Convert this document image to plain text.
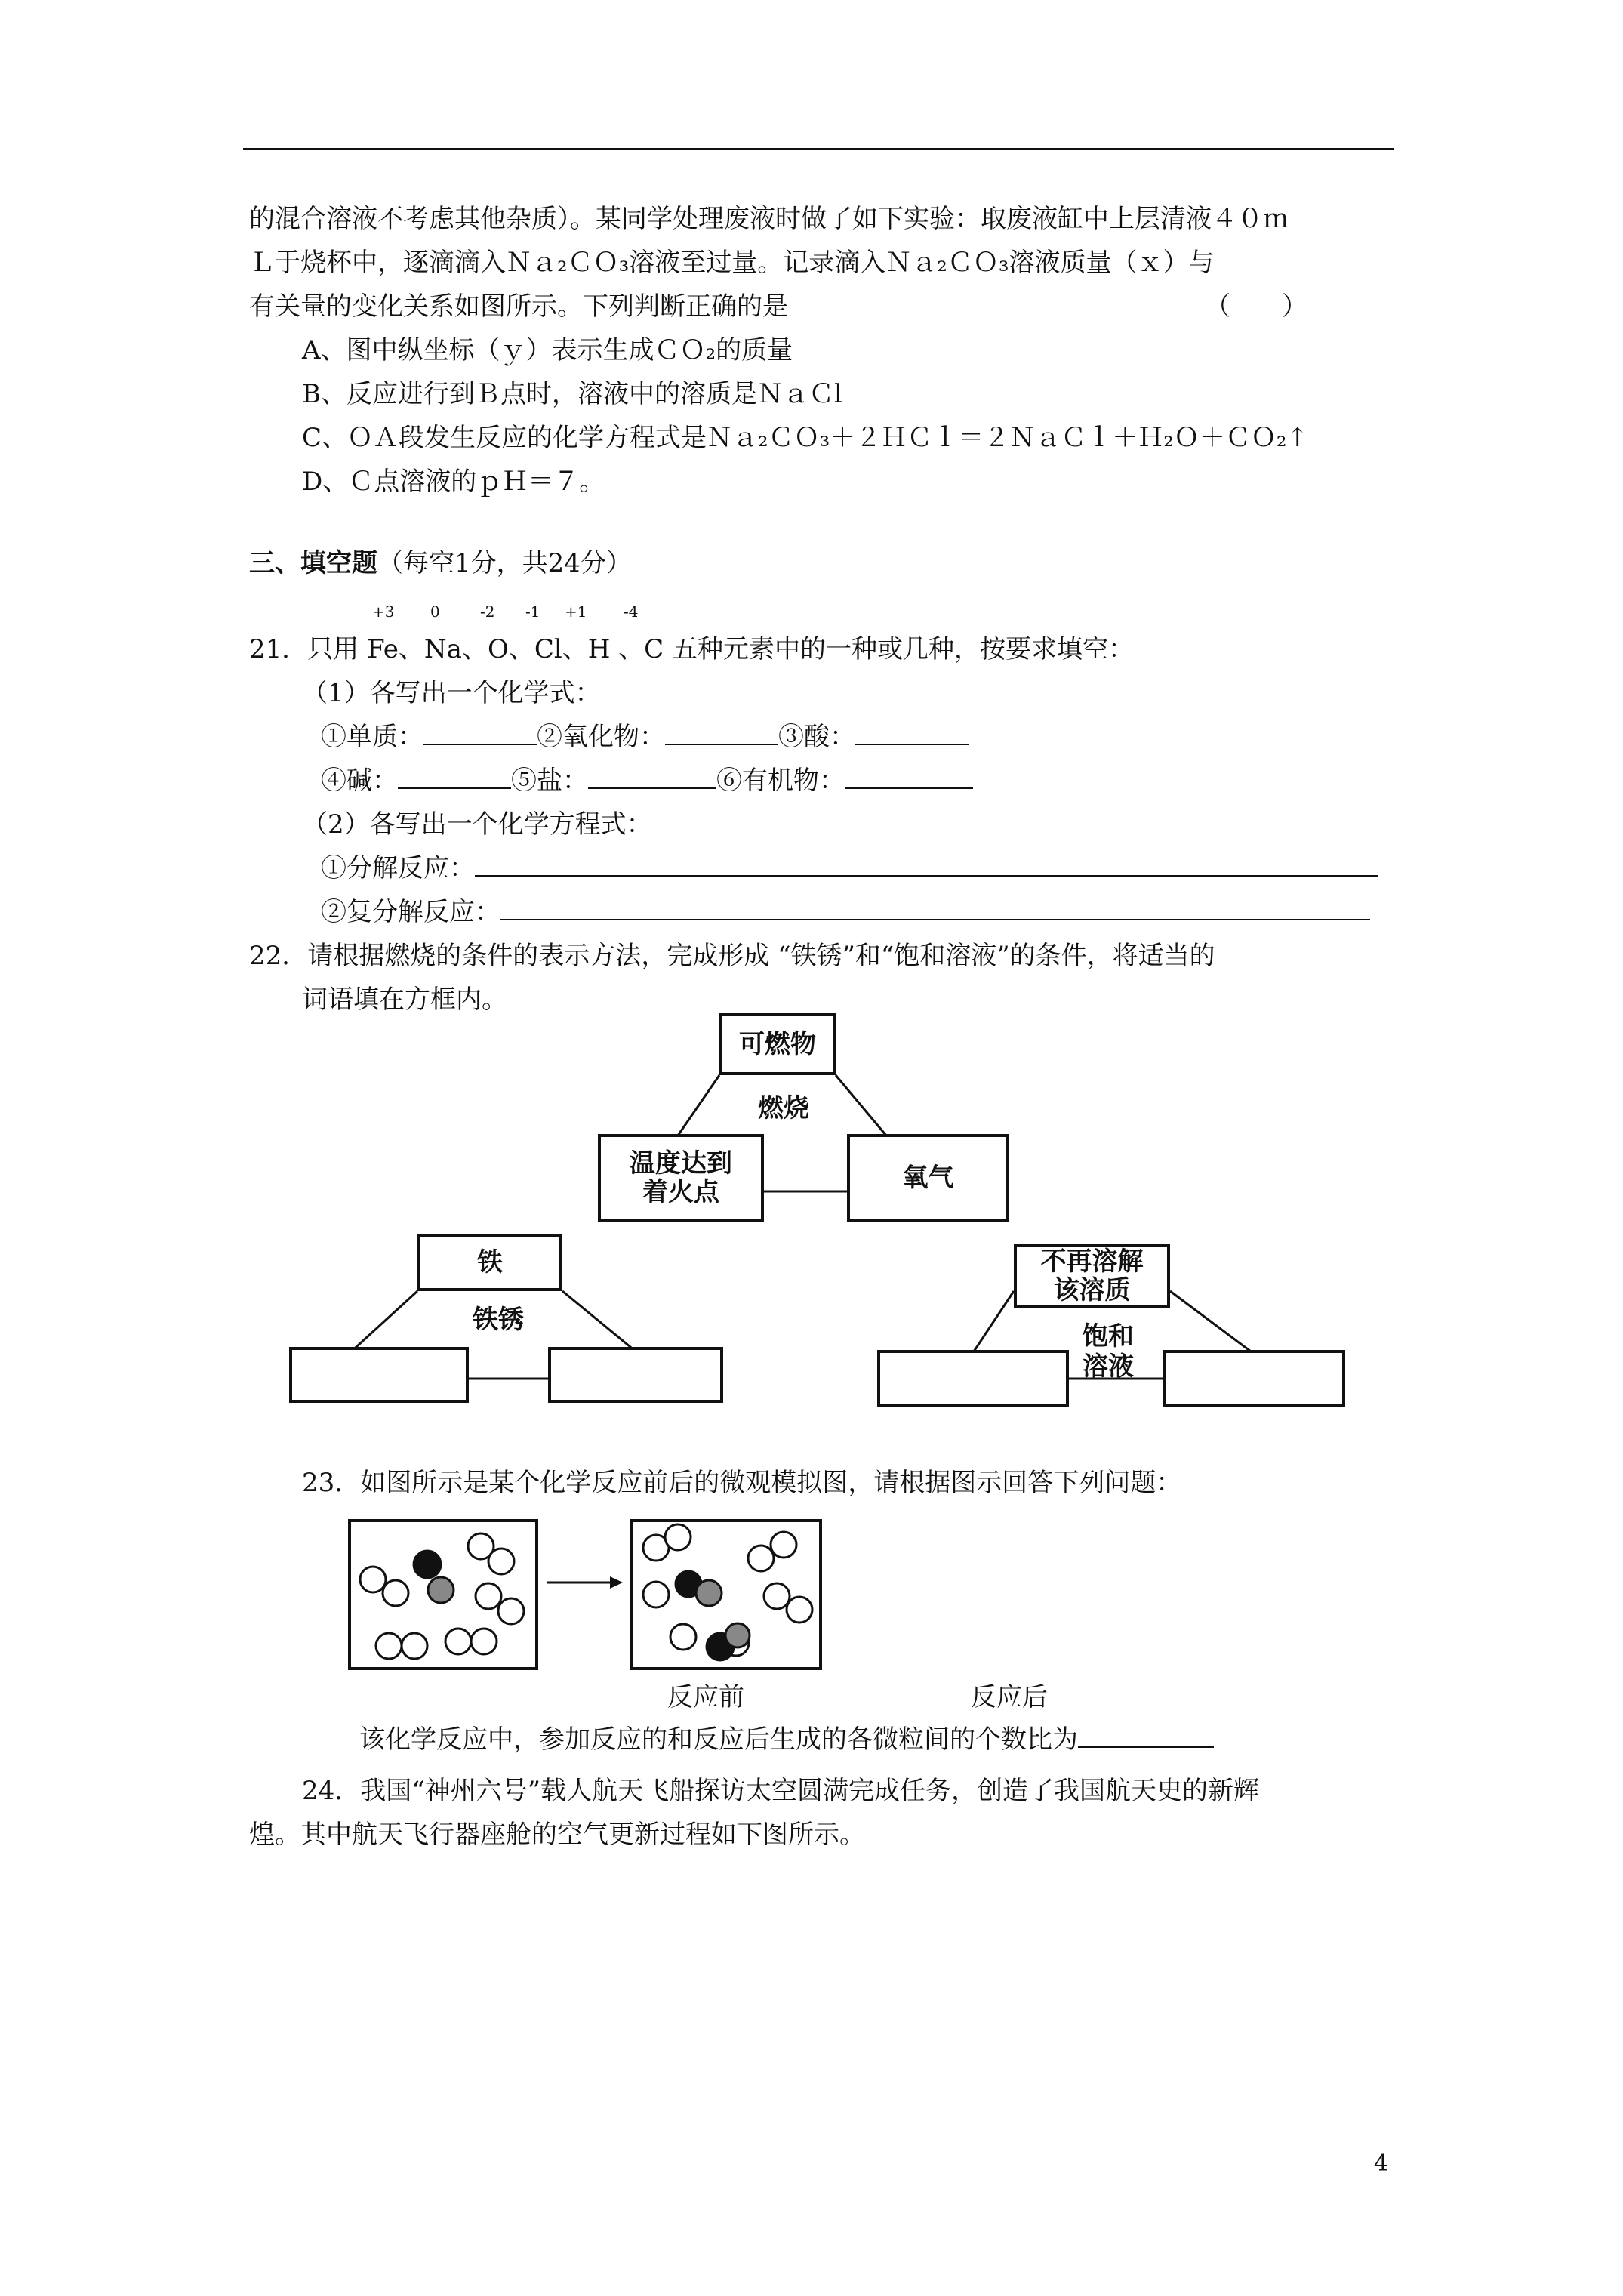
的混合溶液不考虑其他杂质）。某同学处理废液时做了如下实验：取废液缸中上层清液４０ｍ
Ｌ于烧杯中，逐滴滴入Ｎａ₂ＣＯ₃溶液至过量。记录滴入Ｎａ₂ＣＯ₃溶液质量（ｘ）与
有关量的变化关系如图所示。下列判断正确的是	（　　）
A、图中纵坐标（ｙ）表示生成ＣＯ₂的质量
B、反应进行到Ｂ点时，溶液中的溶质是ＮａＣl
C、ＯＡ段发生反应的化学方程式是Ｎａ₂ＣＯ₃＋２ＨＣｌ＝２ＮａＣｌ＋Ｈ₂Ｏ＋ＣＯ₂↑
D、Ｃ点溶液的ｐＨ＝７。
三、填空题（每空1分，共24分）
+3 0	-2 -1 +1 -4
21．只用 Fe、Na、O、Cl、H 、C 五种元素中的一种或几种，按要求填空：
（1）各写出一个化学式：
①单质：	②氧化物：	③酸：
④碱：	⑤盐：	⑥有机物：
（2）各写出一个化学方程式：
①分解反应：
②复分解反应：
22．请根据燃烧的条件的表示方法，完成形成 “铁锈”和“饱和溶液”的条件，将适当的
词语填在方框内。
可燃物
燃烧
温度达到
着火点	氧气
铁
铁锈
不再溶解
该溶质
饱和
溶液
23．如图所示是某个化学反应前后的微观模拟图，请根据图示回答下列问题：
反应前	反应后
该化学反应中，参加反应的和反应后生成的各微粒间的个数比为
24．我国“神州六号”载人航天飞船探访太空圆满完成任务，创造了我国航天史的新辉
煌。其中航天飞行器座舱的空气更新过程如下图所示。
4
